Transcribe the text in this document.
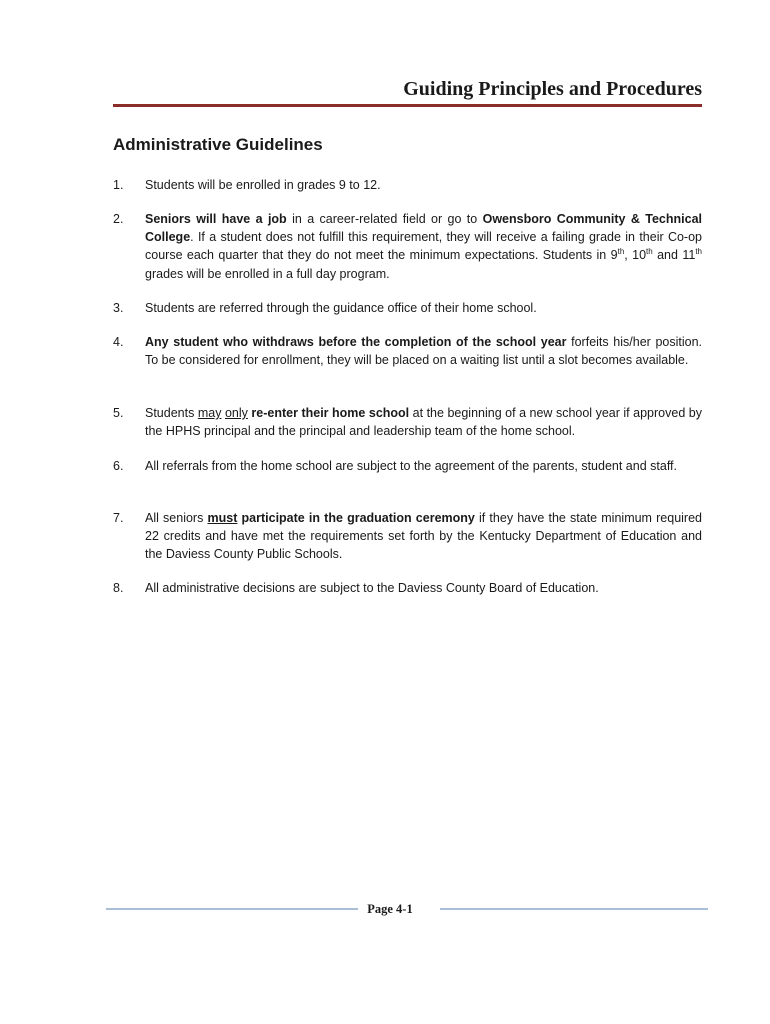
Guiding Principles and Procedures
Administrative Guidelines
1.	Students will be enrolled in grades 9 to 12.
2.	Seniors will have a job in a career-related field or go to Owensboro Community & Technical College. If a student does not fulfill this requirement, they will receive a failing grade in their Co-op course each quarter that they do not meet the minimum expectations. Students in 9th, 10th and 11th grades will be enrolled in a full day program.
3.	Students are referred through the guidance office of their home school.
4.	Any student who withdraws before the completion of the school year forfeits his/her position. To be considered for enrollment, they will be placed on a waiting list until a slot becomes available.
5.	Students may only re-enter their home school at the beginning of a new school year if approved by the HPHS principal and the principal and leadership team of the home school.
6.	All referrals from the home school are subject to the agreement of the parents, student and staff.
7.	All seniors must participate in the graduation ceremony if they have the state minimum required 22 credits and have met the requirements set forth by the Kentucky Department of Education and the Daviess County Public Schools.
8.	All administrative decisions are subject to the Daviess County Board of Education.
Page 4-1
